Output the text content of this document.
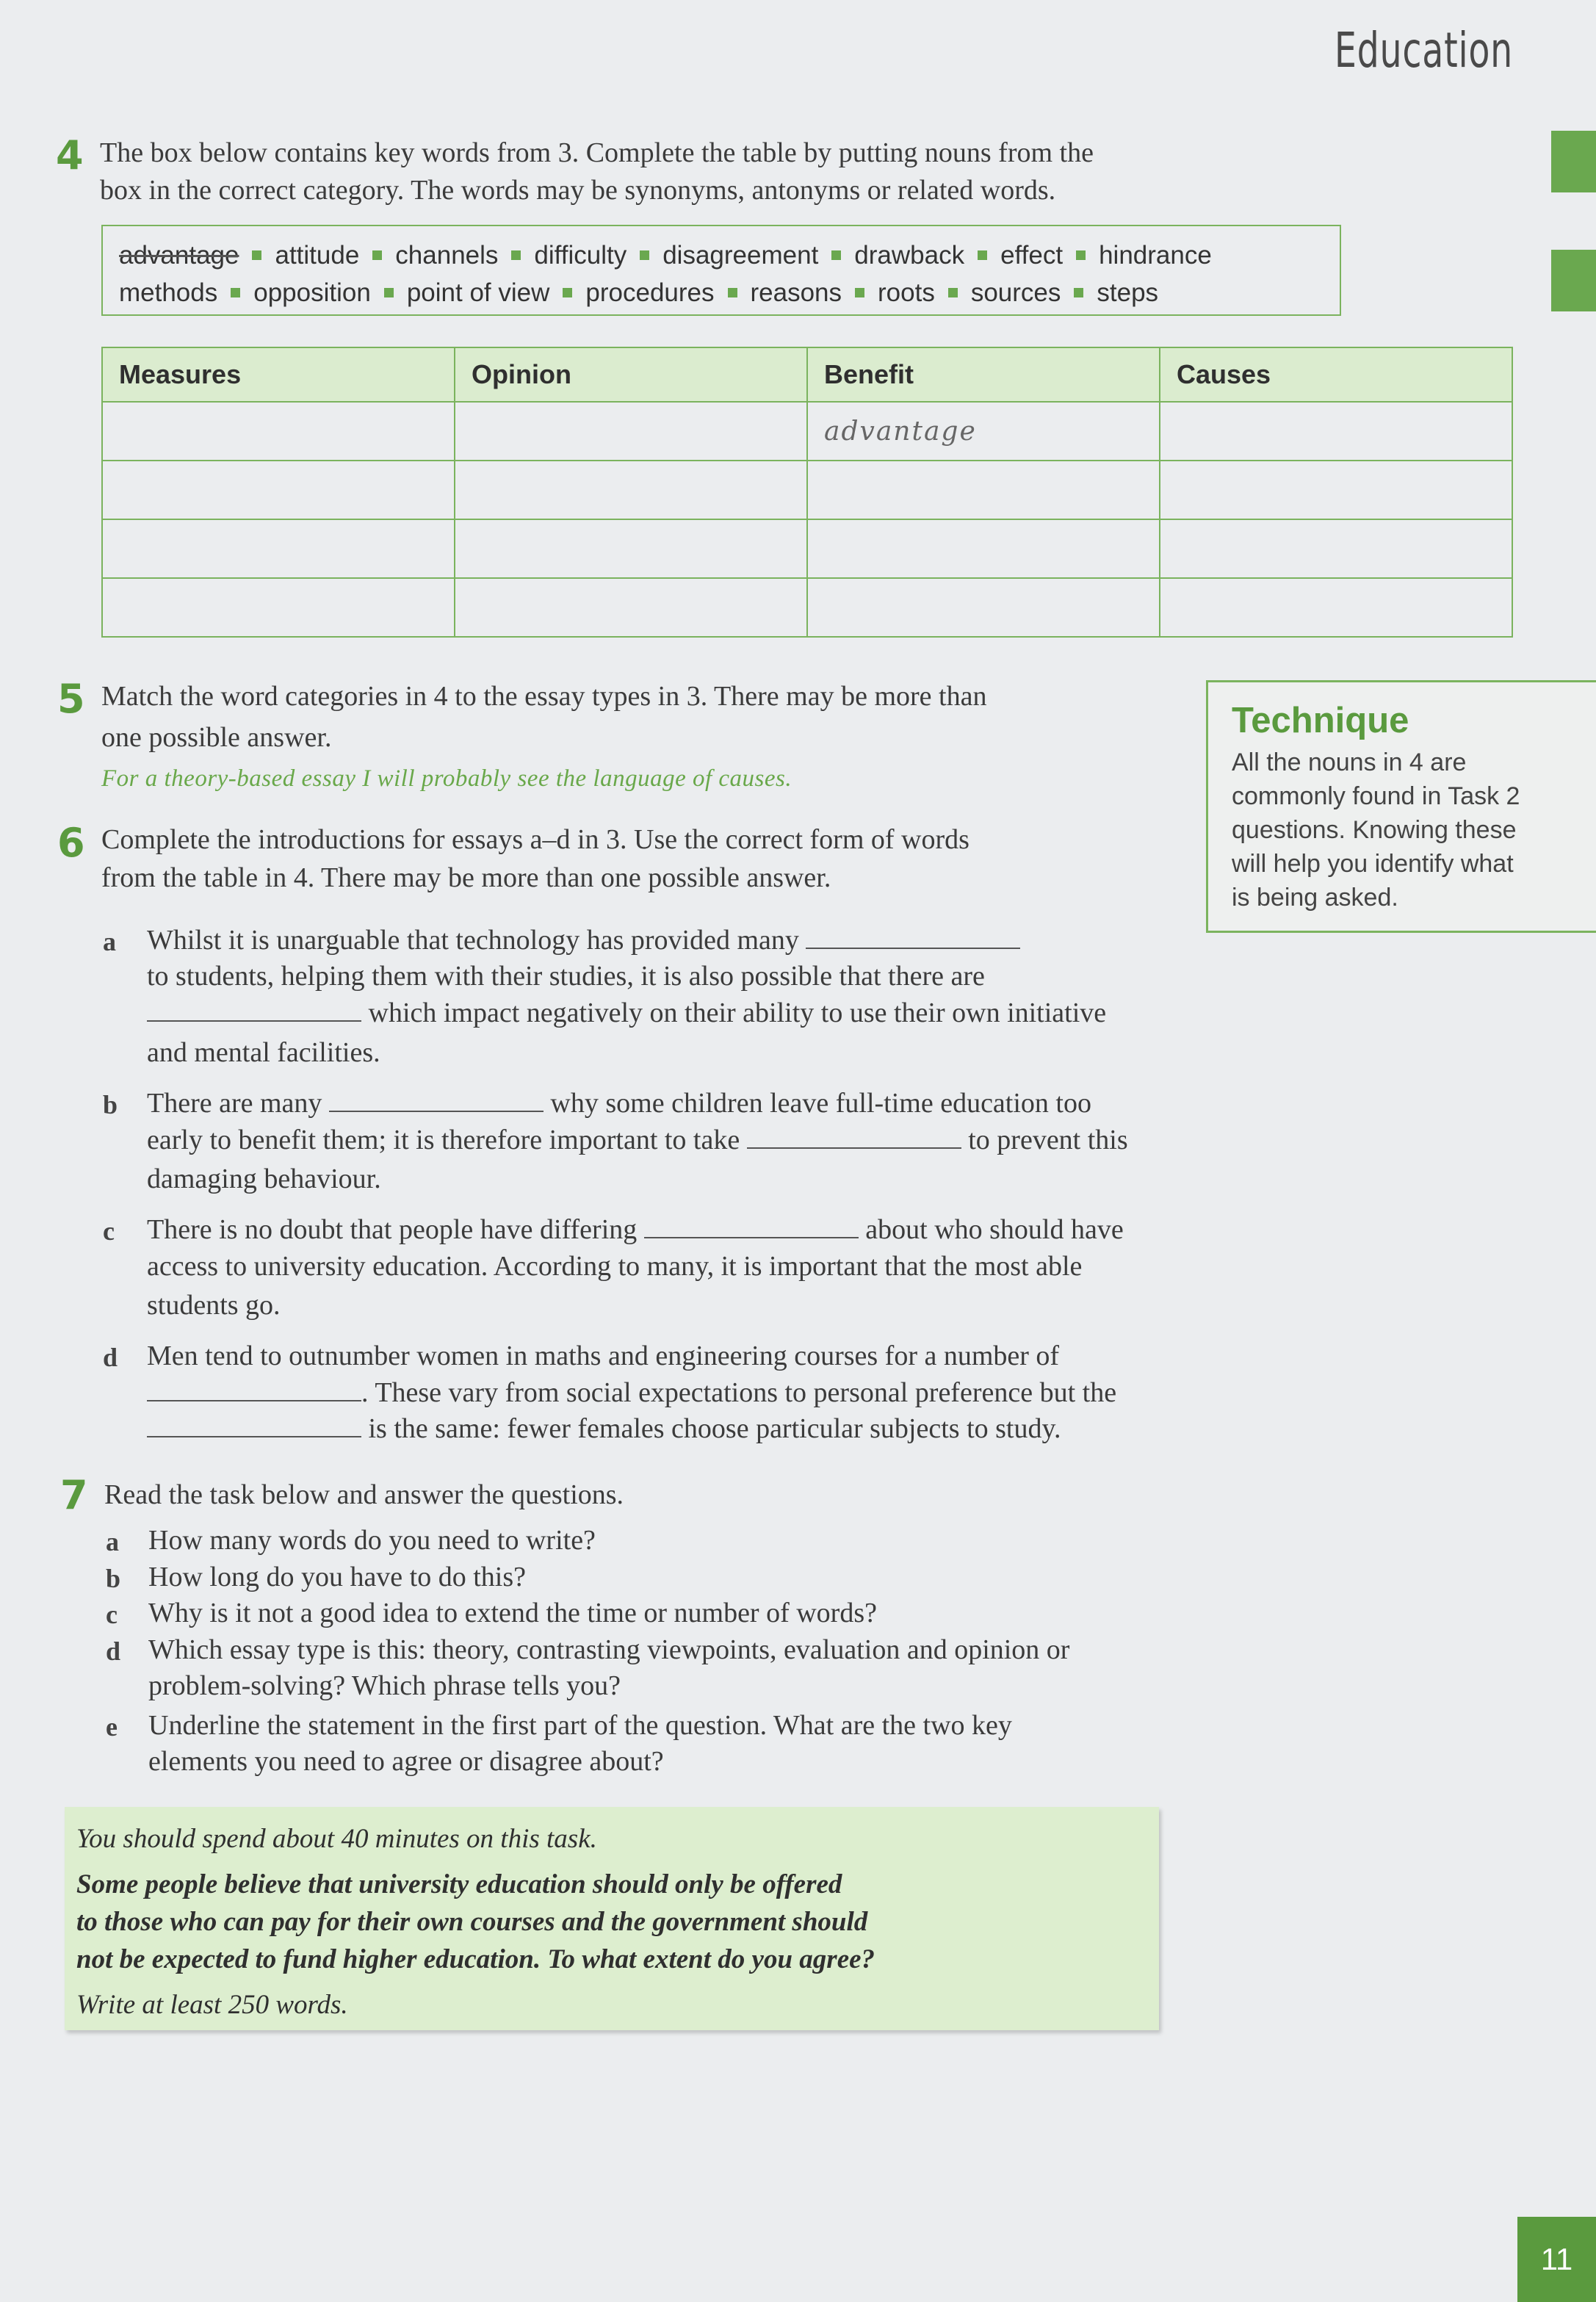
Education
4 The box below contains key words from 3. Complete the table by putting nouns from the
box in the correct category. The words may be synonyms, antonyms or related words.
advantage attitude channels difficulty disagreement drawback effect hindrance
methods opposition point of view procedures reasons roots sources steps
Measures	Opinion	Benefit	Causes
		advantage	

5 Match the word categories in 4 to the essay types in 3. There may be more than
one possible answer.
For a theory-based essay I will probably see the language of causes.
Technique
All the nouns in 4 are
commonly found in Task 2
questions. Knowing these
will help you identify what
is being asked.
6 Complete the introductions for essays a–d in 3. Use the correct form of words
from the table in 4. There may be more than one possible answer.
a Whilst it is unarguable that technology has provided many
to students, helping them with their studies, it is also possible that there are
which impact negatively on their ability to use their own initiative
and mental facilities.
b There are many	why some children leave full-time education too
early to benefit them; it is therefore important to take	to prevent this
damaging behaviour.
c There is no doubt that people have differing	about who should have
access to university education. According to many, it is important that the most able
students go.
d Men tend to outnumber women in maths and engineering courses for a number of
. These vary from social expectations to personal preference but the
is the same: fewer females choose particular subjects to study.
7 Read the task below and answer the questions.
a How many words do you need to write?
b How long do you have to do this?
c Why is it not a good idea to extend the time or number of words?
d Which essay type is this: theory, contrasting viewpoints, evaluation and opinion or
problem-solving? Which phrase tells you?
e Underline the statement in the first part of the question. What are the two key
elements you need to agree or disagree about?
You should spend about 40 minutes on this task.
Some people believe that university education should only be offered
to those who can pay for their own courses and the government should
not be expected to fund higher education. To what extent do you agree?
Write at least 250 words.
11
